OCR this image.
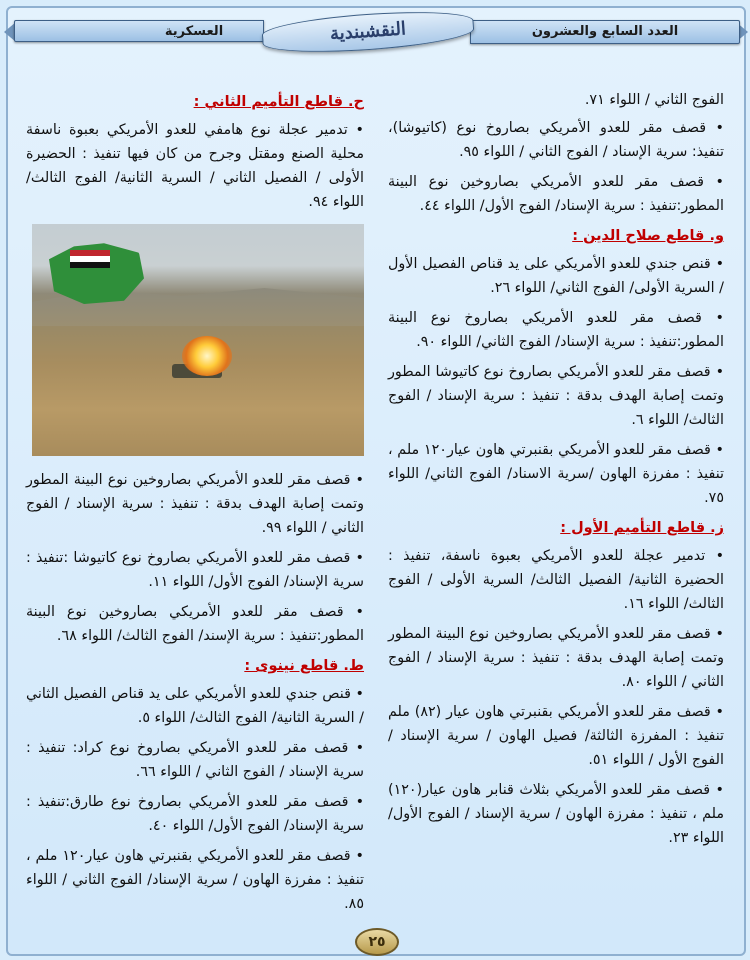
العسكرية	العدد السابع والعشرون
النقشبندية

الفوج الثاني / اللواء ٧١.

• قصف مقر للعدو الأمريكي بصاروخ نوع (كاتيوشا)، تنفيذ: سرية الإسناد / الفوج الثاني / اللواء ٩٥.

• قصف مقر للعدو الأمريكي بصاروخين نوع البينة المطور:تنفيذ : سرية الإسناد/ الفوج الأول/ اللواء ٤٤.

و. قاطع صلاح الدين :

• قنص جندي للعدو الأمريكي على يد قناص الفصيل الأول / السرية الأولى/ الفوج الثاني/ اللواء ٢٦.

• قصف مقر للعدو الأمريكي بصاروخ نوع البينة المطور:تنفيذ : سرية الإسناد/ الفوج الثاني/ اللواء ٩٠.

• قصف مقر للعدو الأمريكي بصاروخ نوع كاتيوشا المطور وتمت إصابة الهدف بدقة : تنفيذ : سرية الإسناد / الفوج الثالث/ اللواء ٦.

• قصف مقر للعدو الأمريكي بقنبرتي هاون عيار١٢٠ ملم ، تنفيذ : مفرزة الهاون /سرية الاسناد/ الفوج الثاني/ اللواء ٧٥.

ز. قاطع التأميم الأول :

• تدمير عجلة للعدو الأمريكي بعبوة ناسفة، تنفيذ : الحضيرة الثانية/ الفصيل الثالث/ السرية الأولى / الفوج الثالث/ اللواء ١٦.

• قصف مقر للعدو الأمريكي بصاروخين نوع البينة المطور وتمت إصابة الهدف بدقة : تنفيذ : سرية الإسناد / الفوج الثاني / اللواء ٨٠.

• قصف مقر للعدو الأمريكي بقنبرتي هاون عيار (٨٢) ملم تنفيذ : المفرزة الثالثة/ فصيل الهاون / سرية الإسناد / الفوج الأول / اللواء ٥١.

• قصف مقر للعدو الأمريكي بثلاث قنابر هاون عيار(١٢٠) ملم ، تنفيذ : مفرزة الهاون / سرية الإسناد / الفوج الأول/ اللواء ٢٣.

ح. قاطع التأميم الثاني :

• تدمير عجلة نوع هامفي للعدو الأمريكي بعبوة ناسفة محلية الصنع ومقتل وجرح من كان فيها تنفيذ : الحضيرة الأولى / الفصيل الثاني / السرية الثانية/ الفوج الثالث/ اللواء ٩٤.

• قصف مقر للعدو الأمريكي بصاروخين نوع البينة المطور وتمت إصابة الهدف بدقة : تنفيذ : سرية الإسناد / الفوج الثاني / اللواء ٩٩.

• قصف مقر للعدو الأمريكي بصاروخ نوع كاتيوشا :تنفيذ : سرية الإسناد/ الفوج الأول/ اللواء ١١.

• قصف مقر للعدو الأمريكي بصاروخين نوع البينة المطور:تنفيذ : سرية الإسند/ الفوج الثالث/ اللواء ٦٨.

ط. قاطع نينوى :

• قنص جندي للعدو الأمريكي على يد قناص الفصيل الثاني / السرية الثانية/ الفوج الثالث/ اللواء ٥.

• قصف مقر للعدو الأمريكي بصاروخ نوع كراد: تنفيذ : سرية الإسناد / الفوج الثاني / اللواء ٦٦.

• قصف مقر للعدو الأمريكي بصاروخ نوع طارق:تنفيذ : سرية الإسناد/ الفوج الأول/ اللواء ٤٠.

• قصف مقر للعدو الأمريكي بقنبرتي هاون عيار١٢٠ ملم ، تنفيذ : مفرزة الهاون / سرية الإسناد/ الفوج الثاني / اللواء ٨٥.

٢٥
